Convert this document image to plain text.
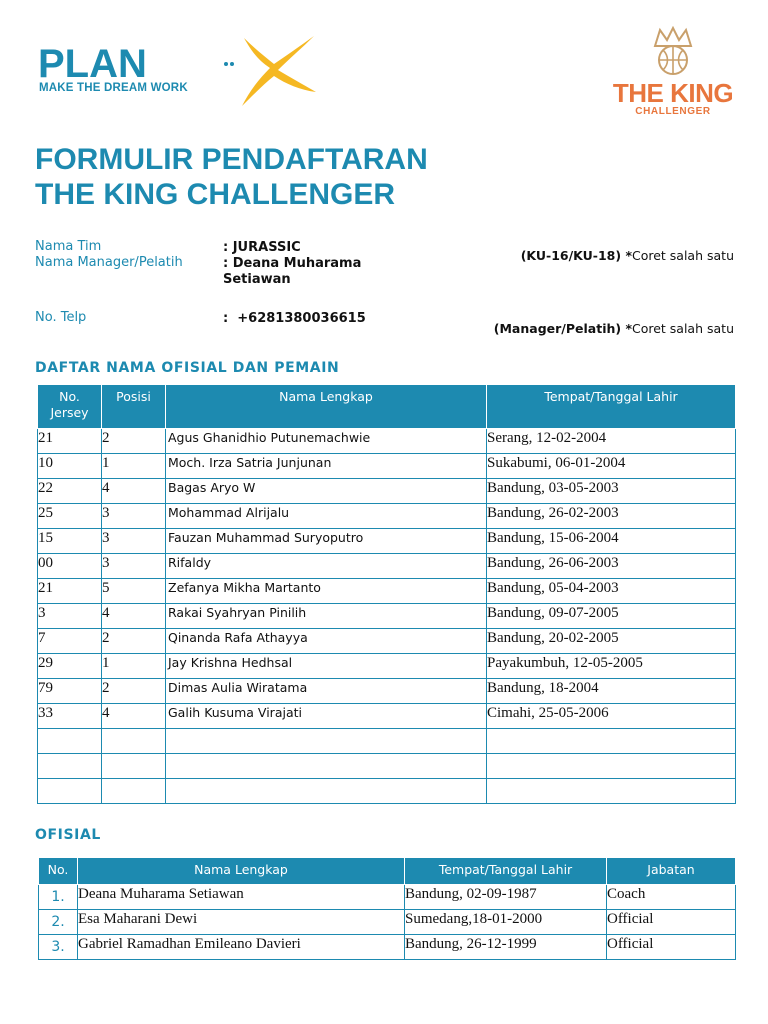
PLAN
MAKE THE DREAM WORK	THE KING
CHALLENGER
FORMULIR PENDAFTARAN
THE KING CHALLENGER
Nama Tim	: JURASSIC
Nama Manager/Pelatih	: Deana Muharama
Setiawan
(KU-16/KU-18) *Coret salah satu
No. Telp	: +6281380036615
(Manager/Pelatih) *Coret salah satu
DAFTAR NAMA OFISIAL DAN PEMAIN
No.
Jersey	Posisi	Nama Lengkap	Tempat/Tanggal Lahir
21	2	Agus Ghanidhio Putunemachwie	Serang, 12-02-2004
10	1	Moch. Irza Satria Junjunan	Sukabumi, 06-01-2004
22	4	Bagas Aryo W	Bandung, 03-05-2003
25	3	Mohammad Alrijalu	Bandung, 26-02-2003
15	3	Fauzan Muhammad Suryoputro	Bandung, 15-06-2004
00	3	Rifaldy	Bandung, 26-06-2003
21	5	Zefanya Mikha Martanto	Bandung, 05-04-2003
3	4	Rakai Syahryan Pinilih	Bandung, 09-07-2005
7	2	Qinanda Rafa Athayya	Bandung, 20-02-2005
29	1	Jay Krishna Hedhsal	Payakumbuh, 12-05-2005
79	2	Dimas Aulia Wiratama	Bandung, 18-2004
33	4	Galih Kusuma Virajati	Cimahi, 25-05-2006

OFISIAL
No.	Nama Lengkap	Tempat/Tanggal Lahir	Jabatan
1.	Deana Muharama Setiawan	Bandung, 02-09-1987	Coach
2.	Esa Maharani Dewi	Sumedang,18-01-2000	Official
3.	Gabriel Ramadhan Emileano Davieri	Bandung, 26-12-1999	Official
